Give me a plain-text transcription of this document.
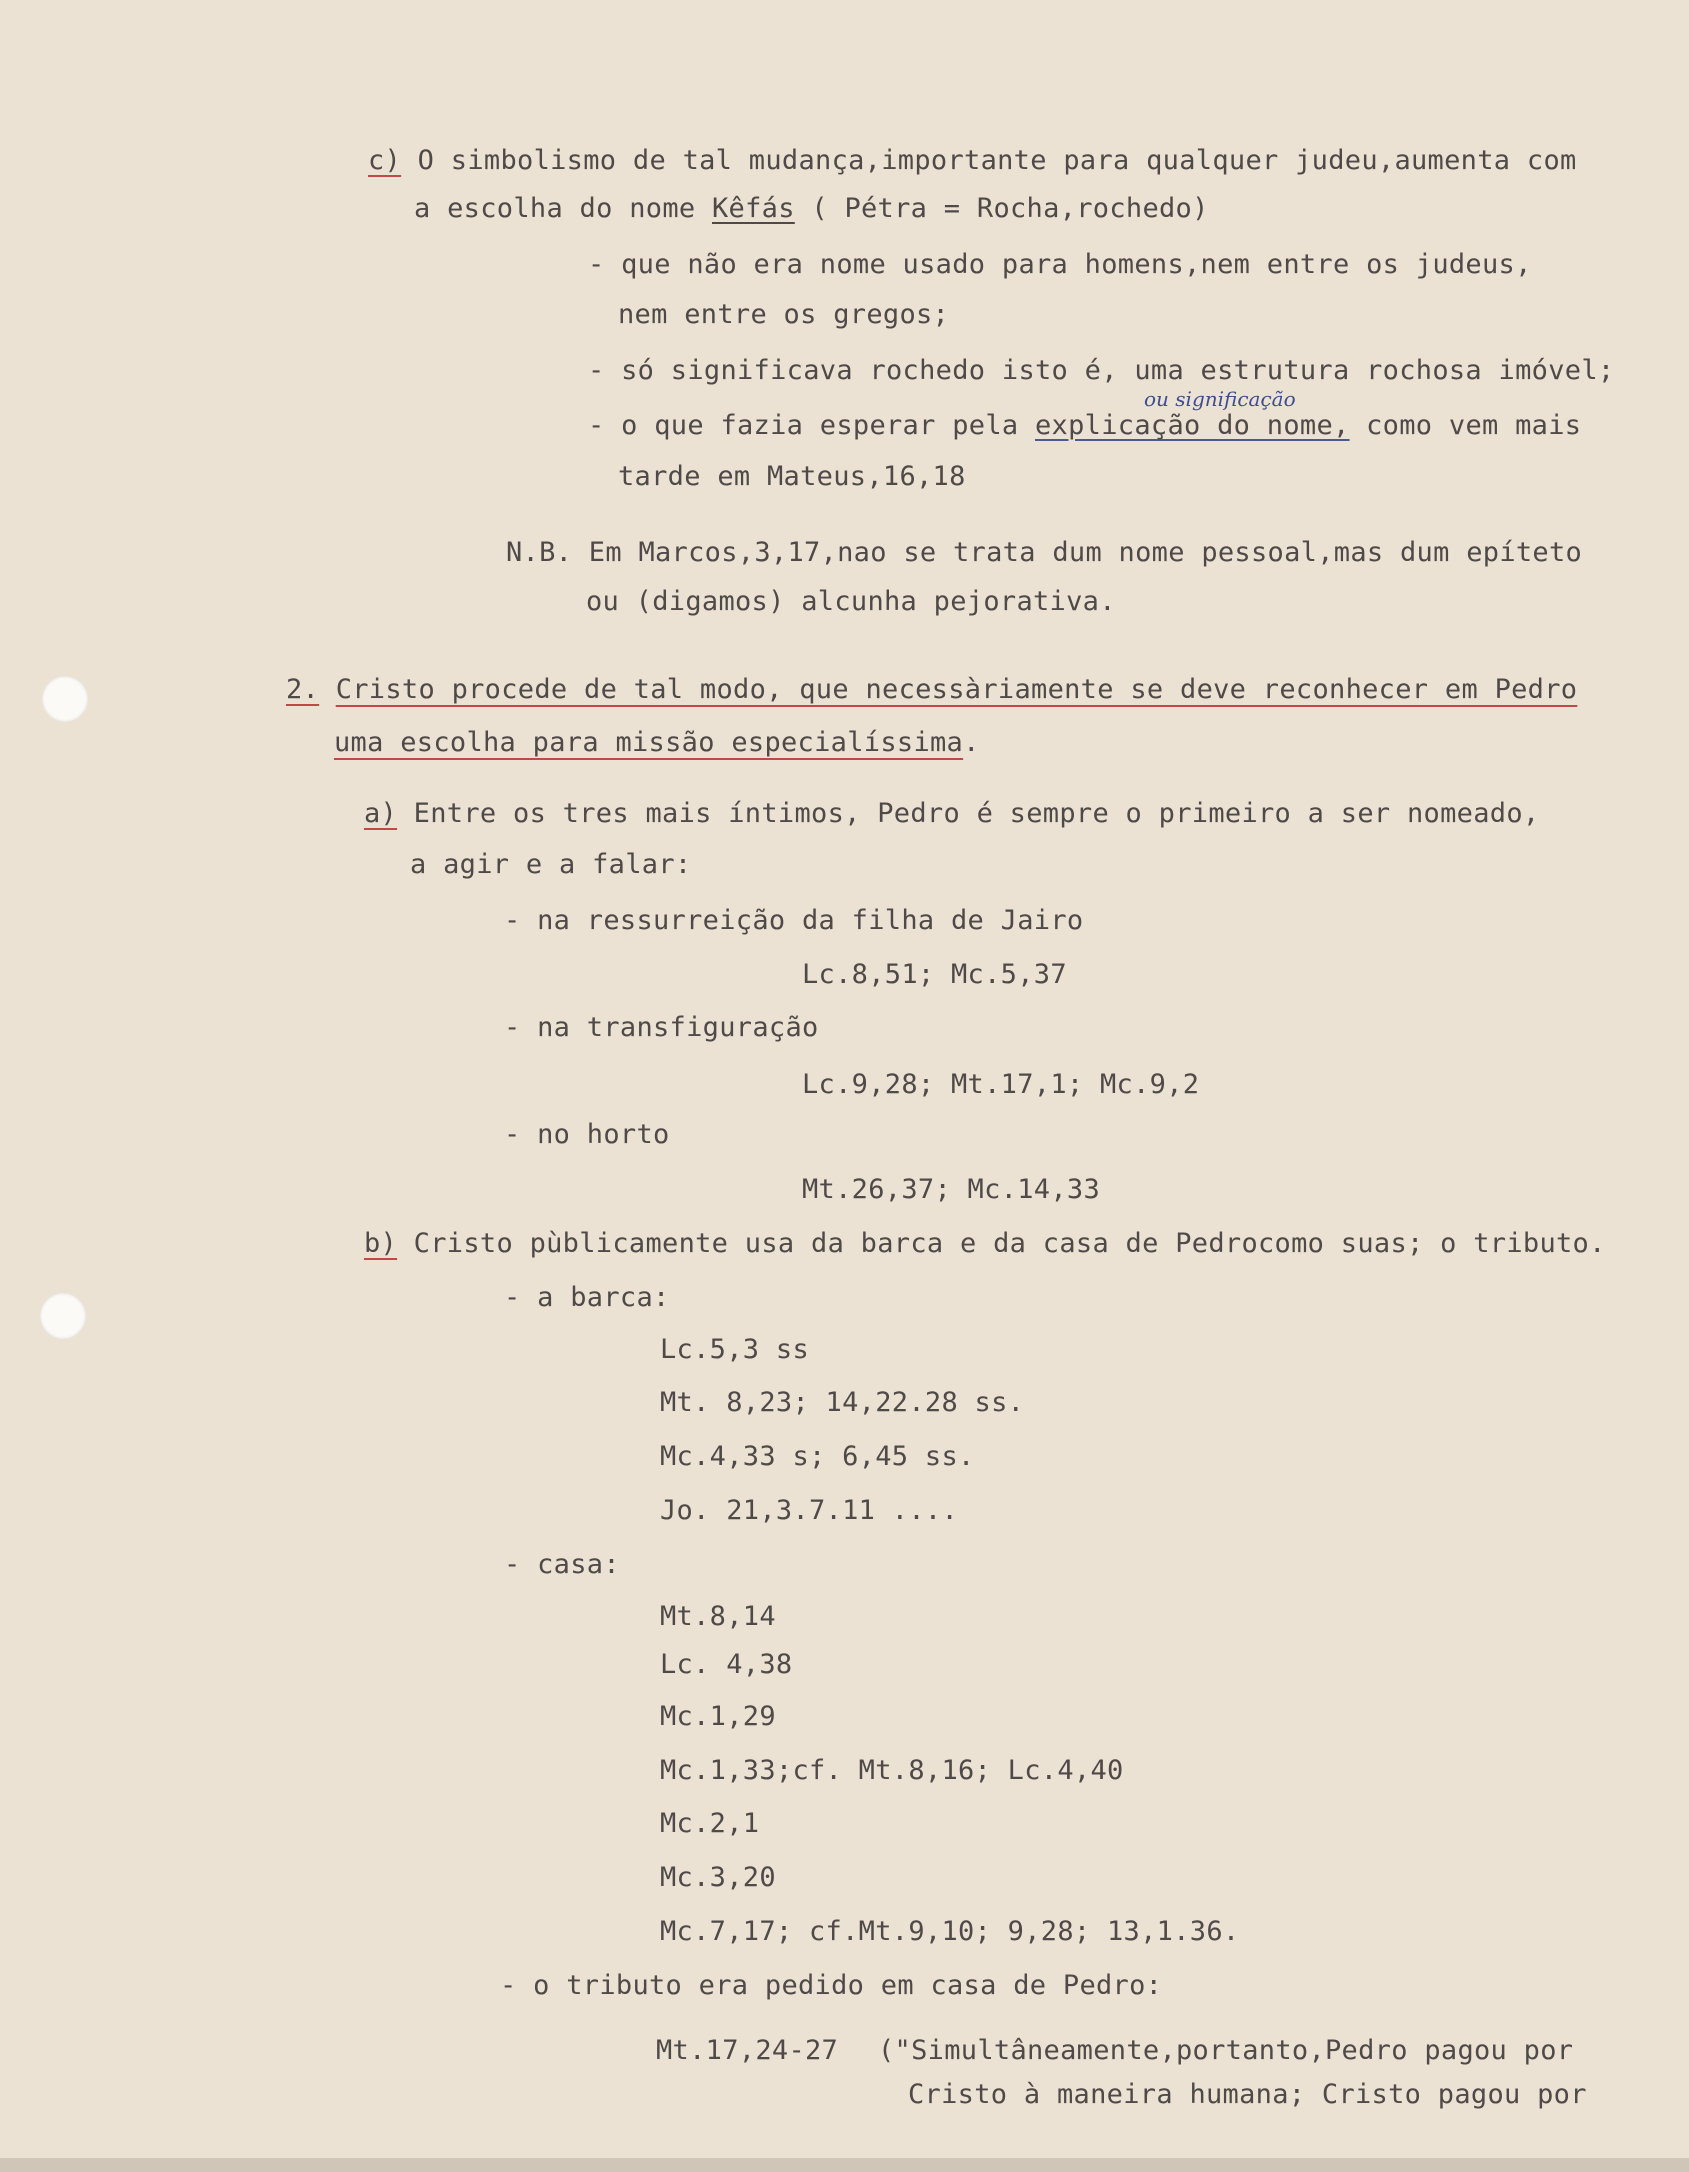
c) O simbolismo de tal mudança,importante para qualquer judeu,aumenta com
a escolha do nome Kêfás ( Pétra = Rocha,rochedo)
- que não era nome usado para homens,nem entre os judeus,
nem entre os gregos;
- só significava rochedo isto é, uma estrutura rochosa imóvel;
ou significação
- o que fazia esperar pela explicação do nome, como vem mais
tarde em Mateus,16,18
N.B. Em Marcos,3,17,nao se trata dum nome pessoal,mas dum epíteto
ou (digamos) alcunha pejorativa.
2. Cristo procede de tal modo, que necessàriamente se deve reconhecer em Pedro
uma escolha para missão especialíssima.
a) Entre os tres mais íntimos, Pedro é sempre o primeiro a ser nomeado,
a agir e a falar:
- na ressurreição da filha de Jairo
Lc.8,51; Mc.5,37
- na transfiguração
Lc.9,28; Mt.17,1; Mc.9,2
- no horto
Mt.26,37; Mc.14,33
b) Cristo pùblicamente usa da barca e da casa de Pedrocomo suas; o tributo.
- a barca:
Lc.5,3 ss
Mt. 8,23; 14,22.28 ss.
Mc.4,33 s; 6,45 ss.
Jo. 21,3.7.11 ....
- casa:
Mt.8,14
Lc. 4,38
Mc.1,29
Mc.1,33;cf. Mt.8,16; Lc.4,40
Mc.2,1
Mc.3,20
Mc.7,17; cf.Mt.9,10; 9,28; 13,1.36.
- o tributo era pedido em casa de Pedro:
Mt.17,24-27 ("Simultâneamente,portanto,Pedro pagou por
Cristo à maneira humana; Cristo pagou por
